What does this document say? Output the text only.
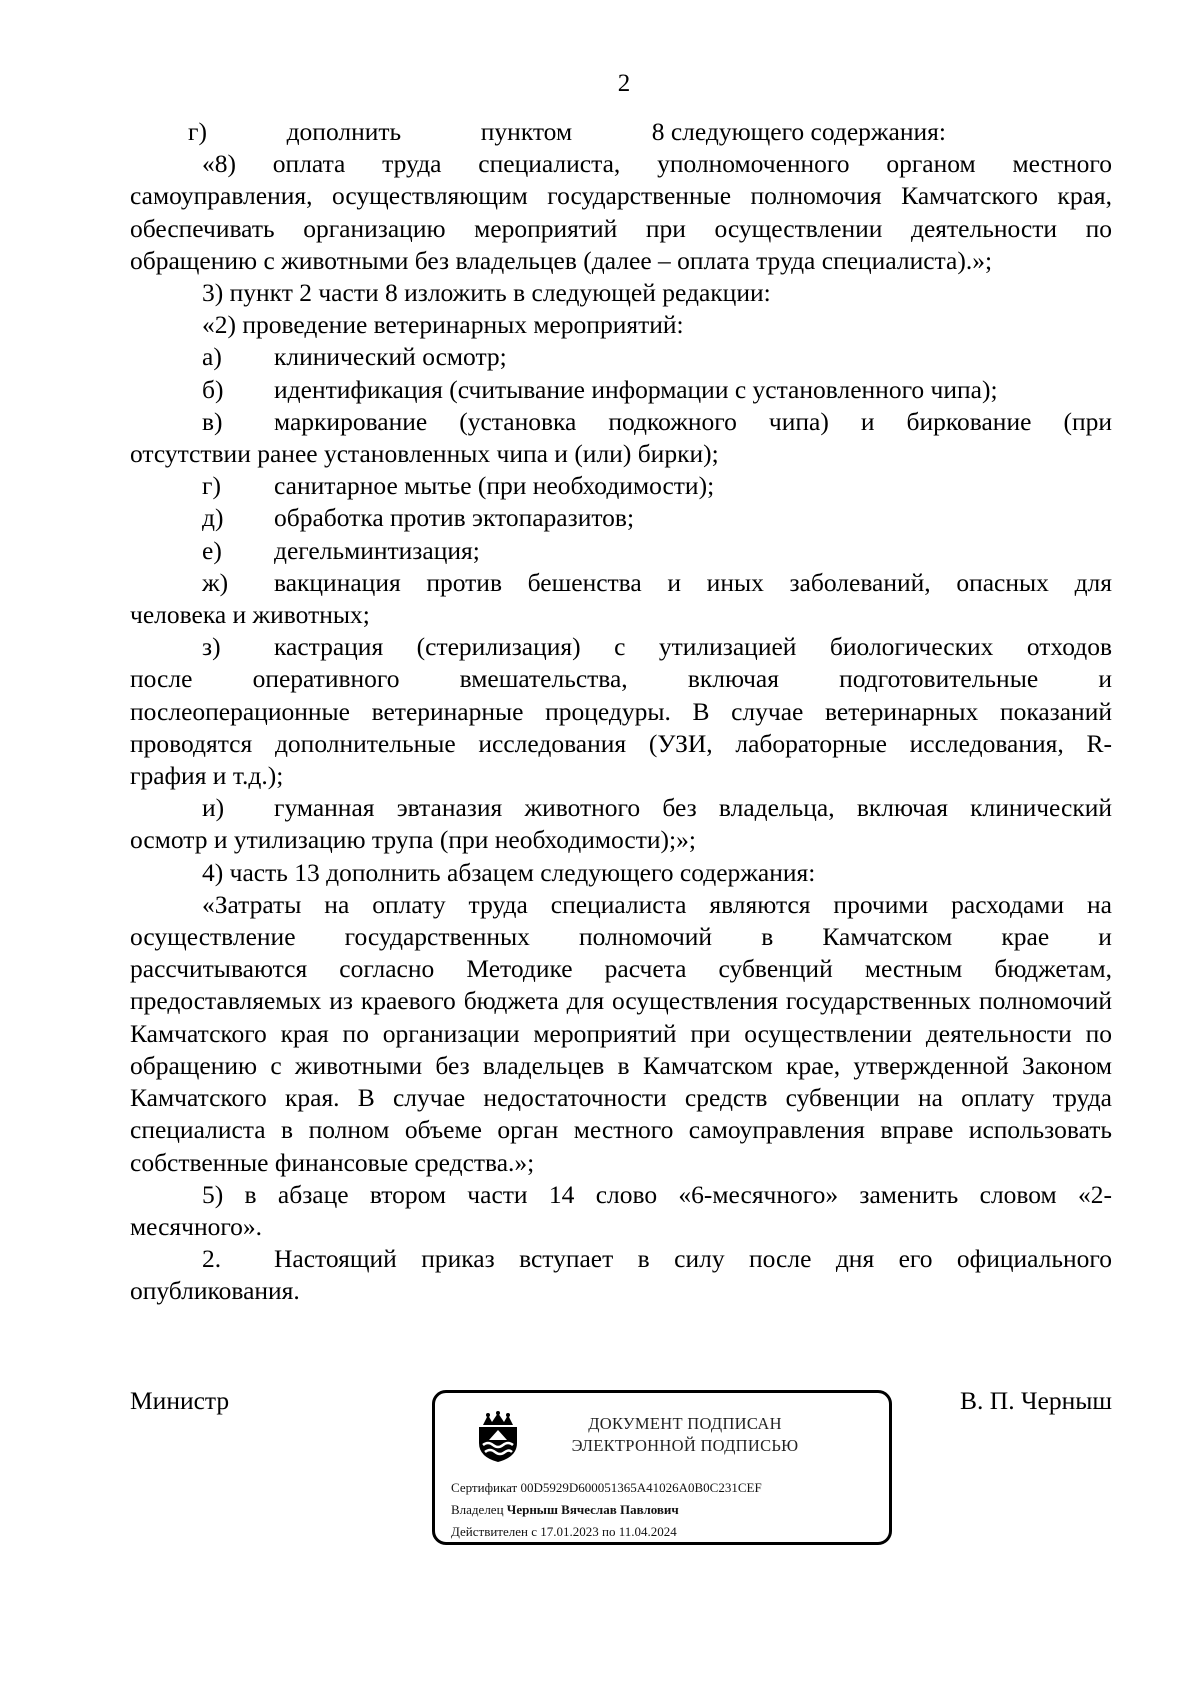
2

г)	дополнить	пунктом	8 следующего содержания:

«8) оплата труда специалиста, уполномоченного органом местного самоуправления, осуществляющим государственные полномочия Камчатского края, обеспечивать организацию мероприятий при осуществлении деятельности по обращению с животными без владельцев (далее – оплата труда специалиста).»;

3) пункт 2 части 8 изложить в следующей редакции:

«2) проведение ветеринарных мероприятий:

а)	клинический осмотр;
б)	идентификация (считывание информации с установленного чипа);
в)	маркирование (установка подкожного чипа) и биркование (при

отсутствии ранее установленных чипа и (или) бирки);

г)	санитарное мытье (при необходимости);
д)	обработка против эктопаразитов;
е)	дегельминтизация;
ж)	вакцинация против бешенства и иных заболеваний, опасных для

человека и животных;

з)	кастрация (стерилизация) с утилизацией биологических отходов

после оперативного вмешательства, включая подготовительные и

послеоперационные ветеринарные процедуры. В случае ветеринарных показаний

проводятся дополнительные исследования (УЗИ, лабораторные исследования, R-

графия и т.д.);

и)	гуманная эвтаназия животного без владельца, включая клинический

осмотр и утилизацию трупа (при необходимости);»;

4) часть 13 дополнить абзацем следующего содержания:

«Затраты на оплату труда специалиста являются прочими расходами на

осуществление государственных полномочий в Камчатском крае и

рассчитываются согласно Методике расчета субвенций местным бюджетам, предоставляемых из краевого бюджета для осуществления государственных полномочий Камчатского края по организации мероприятий при осуществлении деятельности по обращению с животными без владельцев в Камчатском крае, утвержденной Законом Камчатского края. В случае недостаточности средств субвенции на оплату труда специалиста в полном объеме орган местного самоуправления вправе использовать собственные финансовые средства.»;

5) в абзаце втором части 14 слово «6-месячного» заменить словом «2-

месячного».

2.	Настоящий приказ вступает в силу после дня его официального

опубликования.

Министр	В. П. Черныш
ДОКУМЕНТ ПОДПИСАН
ЭЛЕКТРОННОЙ ПОДПИСЬЮ
Сертификат 00D5929D600051365A41026A0B0C231CEF
Владелец Черныш Вячеслав Павлович
Действителен с 17.01.2023 по 11.04.2024
